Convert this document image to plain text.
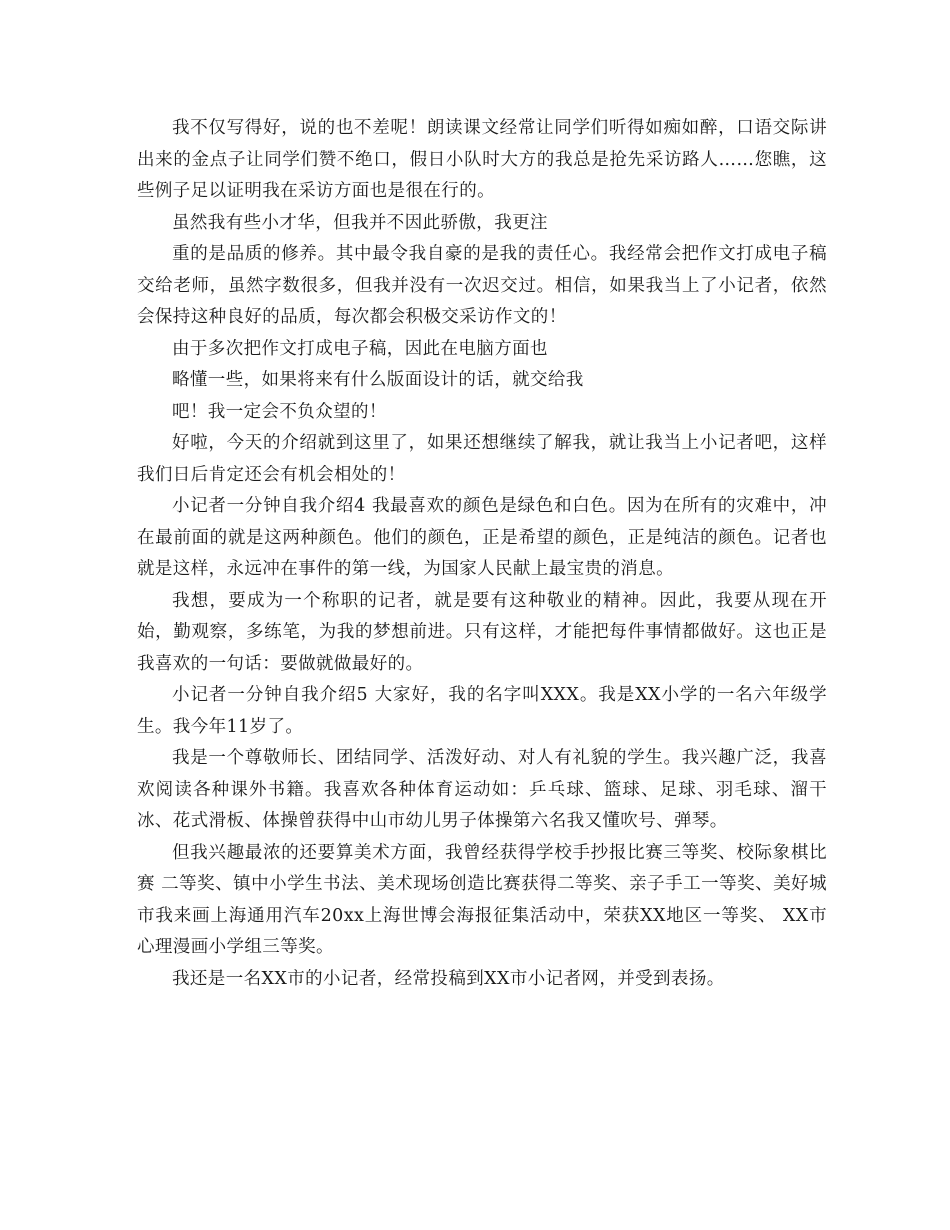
我不仅写得好，说的也不差呢！朗读课文经常让同学们听得如痴如醉，口语交际讲出来的金点子让同学们赞不绝口，假日小队时大方的我总是抢先采访路人……您瞧，这些例子足以证明我在采访方面也是很在行的。

虽然我有些小才华，但我并不因此骄傲，我更注

重的是品质的修养。其中最令我自豪的是我的责任心。我经常会把作文打成电子稿交给老师，虽然字数很多，但我并没有一次迟交过。相信，如果我当上了小记者，依然会保持这种良好的品质，每次都会积极交采访作文的！

由于多次把作文打成电子稿，因此在电脑方面也

略懂一些，如果将来有什么版面设计的话，就交给我

吧！我一定会不负众望的！

好啦，今天的介绍就到这里了，如果还想继续了解我，就让我当上小记者吧，这样我们日后肯定还会有机会相处的！

小记者一分钟自我介绍4 我最喜欢的颜色是绿色和白色。因为在所有的灾难中，冲在最前面的就是这两种颜色。他们的颜色，正是希望的颜色，正是纯洁的颜色。记者也就是这样，永远冲在事件的第一线，为国家人民献上最宝贵的消息。

我想，要成为一个称职的记者，就是要有这种敬业的精神。因此，我要从现在开始，勤观察，多练笔，为我的梦想前进。只有这样，才能把每件事情都做好。这也正是我喜欢的一句话：要做就做最好的。

小记者一分钟自我介绍5 大家好，我的名字叫XXX。我是XX小学的一名六年级学生。我今年11岁了。

我是一个尊敬师长、团结同学、活泼好动、对人有礼貌的学生。我兴趣广泛，我喜欢阅读各种课外书籍。我喜欢各种体育运动如：乒乓球、篮球、足球、羽毛球、溜干冰、花式滑板、体操曾获得中山市幼儿男子体操第六名我又懂吹号、弹琴。

但我兴趣最浓的还要算美术方面，我曾经获得学校手抄报比赛三等奖、校际象棋比赛 二等奖、镇中小学生书法、美术现场创造比赛获得二等奖、亲子手工一等奖、美好城市我来画上海通用汽车20xx上海世博会海报征集活动中，荣获XX地区一等奖、 XX市心理漫画小学组三等奖。

我还是一名XX市的小记者，经常投稿到XX市小记者网，并受到表扬。
